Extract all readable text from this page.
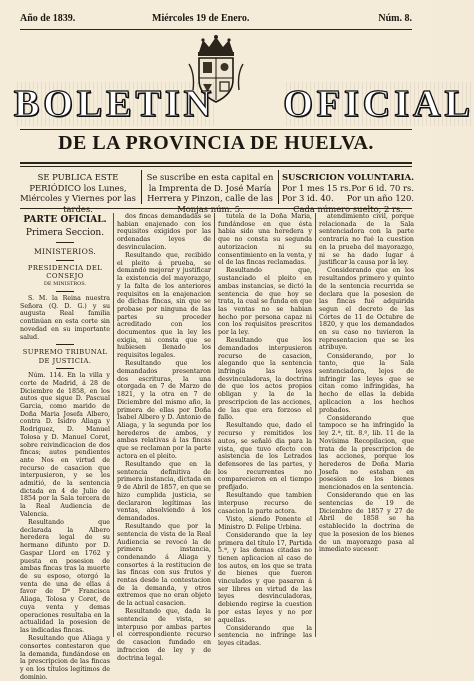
Año de 1839.	Miércoles 19 de Enero.	Núm. 8.
BOLETIN OFICIAL
DE LA PROVINCIA DE HUELVA.
SE PUBLICA ESTE PERIÓDICO los Lunes, Miércoles y Viernes por las
Se suscribe en esta capital en la Imprenta de D. José María Herrera y Pinzon, calle de las
SUSCRICION VOLUNTARIA.
Por 1 mes 15 rs. Por 6 id. 70 rs.
Por 3 id. 40. Por un año 120.

PARTE OFICIAL.

Primera Seccion.

MINISTERIOS.

PRESIDENCIA DEL CONSEJO

DE MINISTROS.

S. M. la Reina nuestra Señora (Q. D. G.) y su augusta Real familia continúan en esta corte sin novedad en su importante salud.

SUPREMO TRIBUNAL DE JUSTICIA.

Núm. 114. En la villa y corte de Madrid, á 28 de Diciembre de 1858, en los autos que sigue D. Pascual Garcia, como marido de Doña Maria Josefa Albero, contra D. Isidro Aliaga y Rodriguez, D. Manuel Tolosa y D. Manuel Coret, sobre reivindicacion de dos fincas; autos pendientes ante Nos en virtud de recurso de casacion que interpusieron, y se les admitió, de la sentencia dictada en 4 de Julio de 1854 por la Sala tercera de la Real Audiencia de Valencia.

Resultando que declarada la Albero heredera legal de su hermano difunto por D. Gaspar Llord en 1762 y puesta en posesion de ambas fincas tras la muerte de su esposo, otorgó la venta de una de ellas á favor de Dª Francisca Aliaga, Tolosa y Coret, de cuya venta y demas operaciones resultaba en la actualidad la posesion de las indicadas fincas.

Resultando que Aliaga y consortes contestaron que la demanda, fundándose en la prescripcion de las fincas y en los títulos legítimos de dominio.

dos fincas demandadas se habian enajenado con los requisitos exigidos por las ordenadas leyes de desvinculacion.

Resultando que, recibido el pleito á prueba, se demandó mejorar y justificar la existencia del mayorazgo, y la falta de los anteriores requisitos en la enajenacion de dichas fincas, sin que se probase por ninguna de las partes su proceder acreditado con los documentos que la ley les exigia, ni consta que se hubiesen llenado los requisitos legales.

Resultando que los demandados presentaron dos escrituras, la una otorgada en 7 de Marzo de 1821, y la otra en 7 de Diciembre del mismo año, la primera de ellas por Doña Isabel Albero y D. Antonio de Aliaga, y la segunda por los herederos de ambos, y ambas relativas á las fincas que se reclaman por la parte actora en el pleito.

Resultando que en la sentencia definitiva de primera instancia, dictada en 9 de Abril de 1857, en que se hizo cumplida justicia, se declararon legítimas las ventas, absolviendo á los demandados.

Resultando que por la sentencia de vista de la Real Audiencia se revocó la de primera instancia, condenando á Aliaga y consortes á la restitucion de las fincas con sus frutos y rentas desde la contestacion de la demanda, y otros extremos que no eran objeto de la actual casacion.

Resultando que, dada la sentencia de vista, se interpuso por ambas partes el correspondiente recurso de casacion fundado en infraccion de ley y de doctrina legal.

tutela de la Doña Maria, fundándose en que ésta habia sido una heredera y que no consta su segunda autorizacion ni su consentimiento en la venta, y el de las fincas reclamadas.

Resultando que, sustanciado el pleito en ambas instancias, se dictó la sentencia de que hoy se trata, la cual se funda en que las ventas no se habian hecho por persona capaz ni con los requisitos prescritos por la ley.

Resultando que los demandados interpusieron recurso de casacion, alegando que la sentencia infringia las leyes desvinculadoras, la doctrina de que los actos propios obligan y la de la prescripcion de las acciones, de las que era forzoso el fallo.

Resultando que, dado el recurso y remitidos los autos, se señaló dia para la vista, que tuvo efecto con asistencia de los Letrados defensores de las partes, y los recurrentes no comparecieron en el tiempo prefijado.

Resultando que tambien interpuso recurso de casacion la parte actora.

Visto, siendo Ponente el Ministro D. Felipe Urbina.

Considerando que la ley primera del título 17, Partida 5.ª, y las demas citadas no tienen aplicacion al caso de los autos, en los que se trata de bienes que fueron vinculados y que pasaron á ser libres en virtud de las leyes desvinculadoras, debiendo regirse la cuestion por estas leyes y no por aquellas.

Considerando que la sentencia no infringe las leyes citadas.

atendimiento civil, porque relacionada de la Sala sentenciadora con la parte contraria no fué la cuestion en la prueba del mayorazgo, ni se ha dado lugar á justificar la causa por la ley.

Considerando que en los resultandos primero y quinto de la sentencia recurrida se declara que la posesion de las fincas fué adquirida segun el decreto de las Córtes de 11 de Octubre de 1820, y que los demandados en su caso no tuvieron la representacion que se les atribuye.

Considerando, por lo tanto, que la Sala sentenciadora, lejos de infringir las leyes que se citan como infringidas, ha hecho de ellas la debida aplicacion a los hechos probados.

Considerando que tampoco se ha infringido la ley 2.ª, tít. 8.º, lib. 11 de la Novísima Recopilacion, que trata de la prescripcion de las acciones, porque los herederos de Doña Maria Josefa no estaban en posesion de los bienes mencionados en la sentencia.

Considerando que en las sentencias de 19 de Diciembre de 1857 y 27 de Abril de 1858 se ha establecido la doctrina de que la posesion de los bienes de un mayorazgo pasa al inmediato sucesor.
